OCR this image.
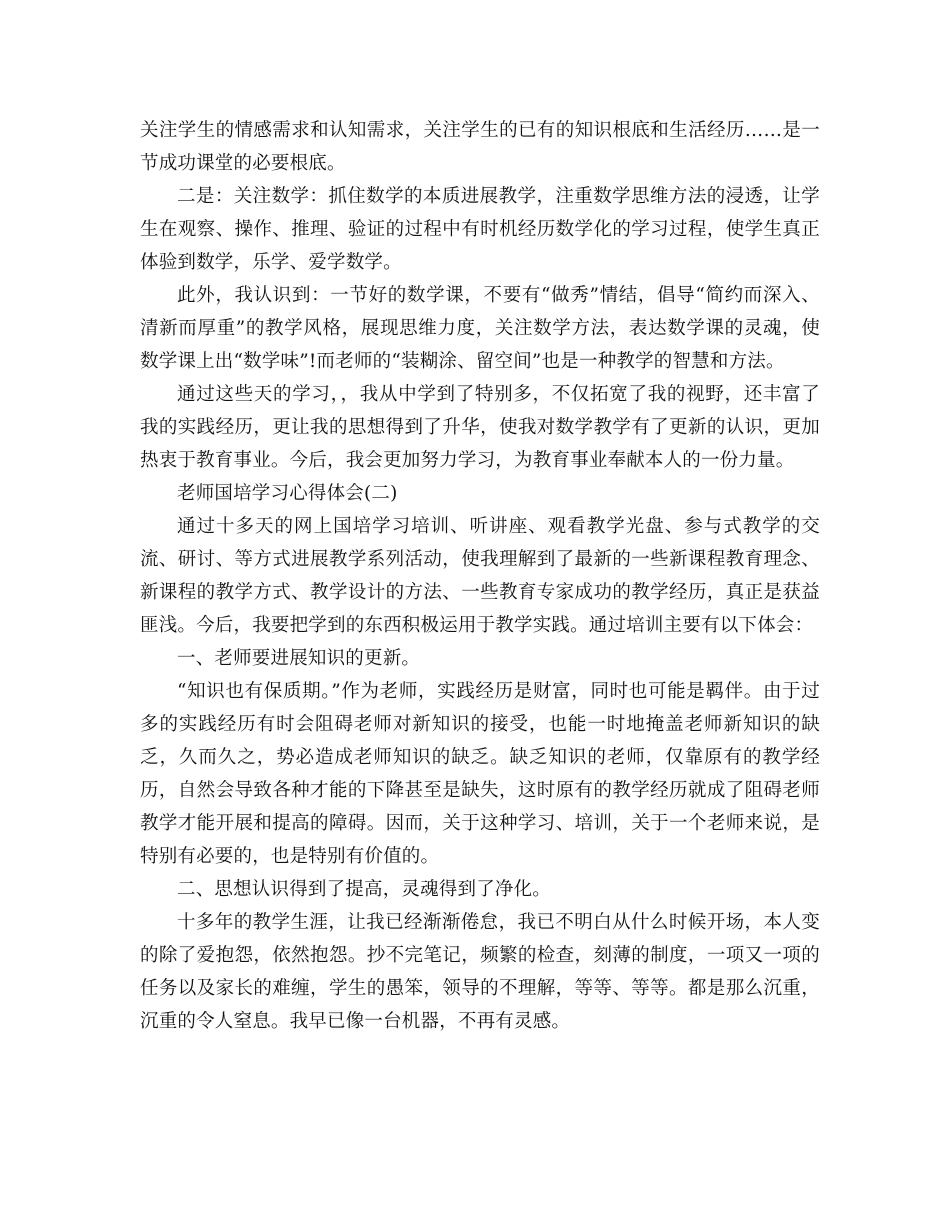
关注学生的情感需求和认知需求，关注学生的已有的知识根底和生活经历……是一节成功课堂的必要根底。

二是：关注数学：抓住数学的本质进展教学，注重数学思维方法的浸透，让学生在观察、操作、推理、验证的过程中有时机经历数学化的学习过程，使学生真正体验到数学，乐学、爱学数学。

此外，我认识到：一节好的数学课，不要有“做秀”情结，倡导“简约而深入、清新而厚重”的教学风格，展现思维力度，关注数学方法，表达数学课的灵魂，使数学课上出“数学味”!而老师的“装糊涂、留空间”也是一种教学的智慧和方法。

通过这些天的学习，，我从中学到了特别多，不仅拓宽了我的视野，还丰富了我的实践经历，更让我的思想得到了升华，使我对数学教学有了更新的认识，更加热衷于教育事业。今后，我会更加努力学习，为教育事业奉献本人的一份力量。

老师国培学习心得体会(二)

通过十多天的网上国培学习培训、听讲座、观看教学光盘、参与式教学的交流、研讨、等方式进展教学系列活动，使我理解到了最新的一些新课程教育理念、新课程的教学方式、教学设计的方法、一些教育专家成功的教学经历，真正是获益匪浅。今后，我要把学到的东西积极运用于教学实践。通过培训主要有以下体会：

一、老师要进展知识的更新。

“知识也有保质期。”作为老师，实践经历是财富，同时也可能是羁伴。由于过多的实践经历有时会阻碍老师对新知识的接受，也能一时地掩盖老师新知识的缺乏，久而久之，势必造成老师知识的缺乏。缺乏知识的老师，仅靠原有的教学经历，自然会导致各种才能的下降甚至是缺失，这时原有的教学经历就成了阻碍老师教学才能开展和提高的障碍。因而，关于这种学习、培训，关于一个老师来说，是特别有必要的，也是特别有价值的。

二、思想认识得到了提高，灵魂得到了净化。

十多年的教学生涯，让我已经渐渐倦怠，我已不明白从什么时候开场，本人变的除了爱抱怨，依然抱怨。抄不完笔记，频繁的检查，刻薄的制度，一项又一项的任务以及家长的难缠，学生的愚笨，领导的不理解，等等、等等。都是那么沉重，沉重的令人窒息。我早已像一台机器，不再有灵感。
